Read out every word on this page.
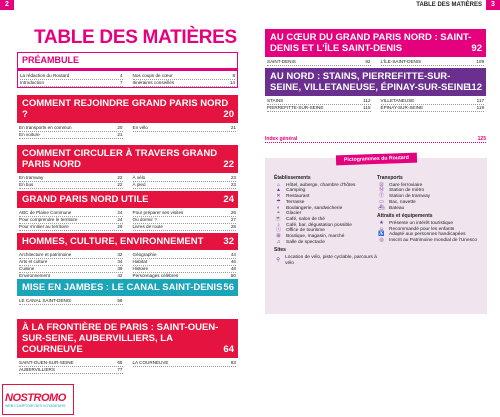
2
TABLE DES MATIÈRES
PRÉAMBULE
La rédaction du Routard	4
Introduction	7
Nos coups de cœur	8
Itinéraires conseillés	14
COMMENT REJOINDRE GRAND PARIS NORD ?	20
En transports en commun	20
En voiture	21
En vélo	21
COMMENT CIRCULER À TRAVERS GRAND PARIS NORD	22
En tramway	22
En bus	22
À vélo	23
À pied	23
GRAND PARIS NORD UTILE	24
ABC de Plaine Commune	24
Pour comprendre le territoire	24
Pour s'initier au territoire	26
Pour préparer ses visites	26
Où dormir ?	27
Livres de route	28
HOMMES, CULTURE, ENVIRONNEMENT 32
Architecture et patrimoine	32
Arts et culture	34
Cuisine	39
Environnement	42
Géographie	44
Habitat	46
Histoire	48
Personnages célèbres	50
MISE EN JAMBES : LE CANAL SAINT-DENIS 56
LE CANAL SAINT-DENIS	56
À LA FRONTIÈRE DE PARIS : SAINT-OUEN-SUR-SEINE, AUBERVILLIERS, LA COURNEUVE	64
SAINT-OUEN-SUR-SEINE	65
AUBERVILLIERS	77
LA COURNEUVE	83
NOSTROMO
WEB COMPTOIR DES VOYAGEURS
TABLE DES MATIÈRES	3
AU CŒUR DU GRAND PARIS NORD : SAINT-DENIS ET L'ÎLE SAINT-DENIS	92
SAINT-DENIS	92 L'ÎLE-SAINT-DENIS	109
AU NORD : STAINS, PIERREFITTE-SUR-SEINE, VILLETANEUSE, ÉPINAY-SUR-SEINE
112
STAINS	112
PIERREFITTE-SUR-SEINE	115
VILLETANEUSE	117
ÉPINAY-SUR-SEINE	119
Index général	125
Pictogrammes du Routard
Établissements
⌂	Hôtel, auberge, chambre d'hôtes
▲	Camping
✕	Restaurant
☂	Terrasse
◐	Boulangerie, sandwicherie
◓	Glacier
☕ Café, salon de thé
♪	Café, bar, dégustation possible
ⓘ	Office de tourisme
⊞	Boutique, magasin, marché
♫	Salle de spectacle
Sites
⚲	Location de vélo, piste cyclable, parcours à vélo
Transports
⊡	Gare ferroviaire
Ⓜ	Station de métro
Ⓣ	Station de tramway
▭	Bac, navette
⛴ Bateau
Attraits et équipements
★	Présente un intérêt touristique
☺	Recommandé pour les enfants
♿ Adapté aux personnes handicapées
◎	Inscrit au Patrimoine mondial de l'Unesco
